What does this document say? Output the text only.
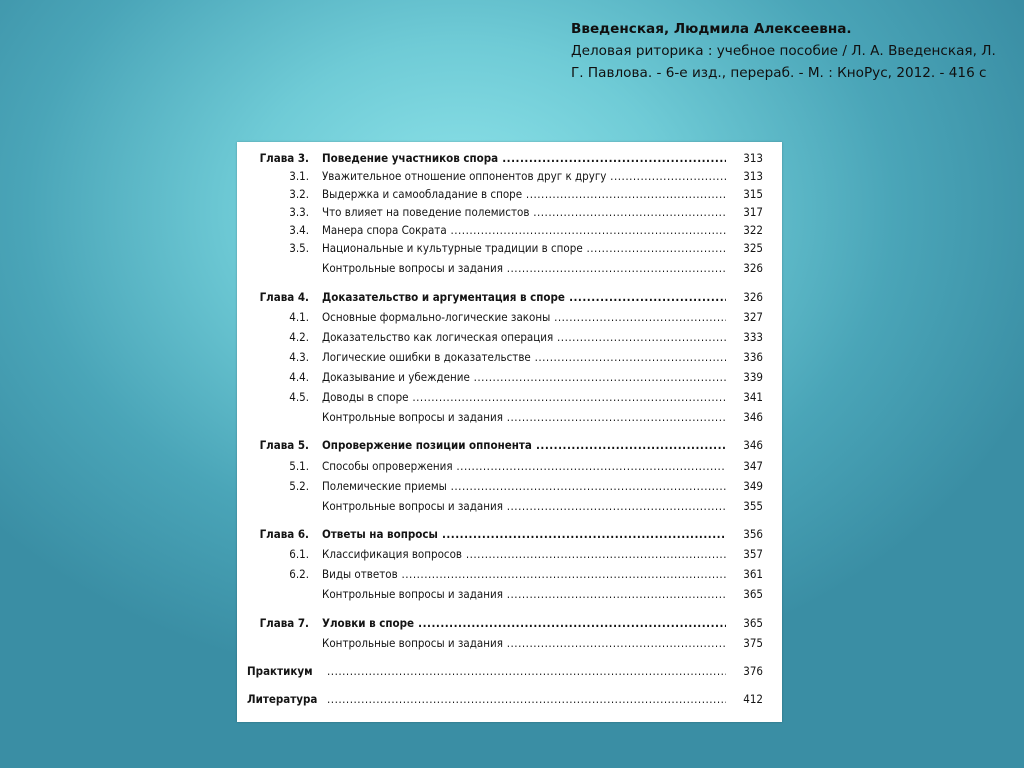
Введенская, Людмила Алексеевна.
Деловая риторика : учебное пособие / Л. А. Введенская, Л.
Г. Павлова. - 6-е изд., перераб. - М. : КноРус, 2012. - 416 с
Глава 3. Поведение участников спора .....	313
3.1. Уважительное отношение оппонентов друг к другу .....	313
3.2. Выдержка и самообладание в споре .....	315
3.3. Что влияет на поведение полемистов .....	317
3.4. Манера спора Сократа .....	322
3.5. Национальные и культурные традиции в споре .....	325
Контрольные вопросы и задания .....	326
Глава 4. Доказательство и аргументация в споре .....	326
4.1. Основные формально-логические законы .....	327
4.2. Доказательство как логическая операция .....	333
4.3. Логические ошибки в доказательстве .....	336
4.4. Доказывание и убеждение .....	339
4.5. Доводы в споре .....	341
Контрольные вопросы и задания .....	346
Глава 5. Опровержение позиции оппонента .....	346
5.1. Способы опровержения .....	347
5.2. Полемические приемы .....	349
Контрольные вопросы и задания .....	355
Глава 6. Ответы на вопросы .....	356
6.1. Классификация вопросов .....	357
6.2. Виды ответов .....	361
Контрольные вопросы и задания .....	365
Глава 7. Уловки в споре .....	365
Контрольные вопросы и задания .....	375
Практикум .....	376
Литература .....	412
